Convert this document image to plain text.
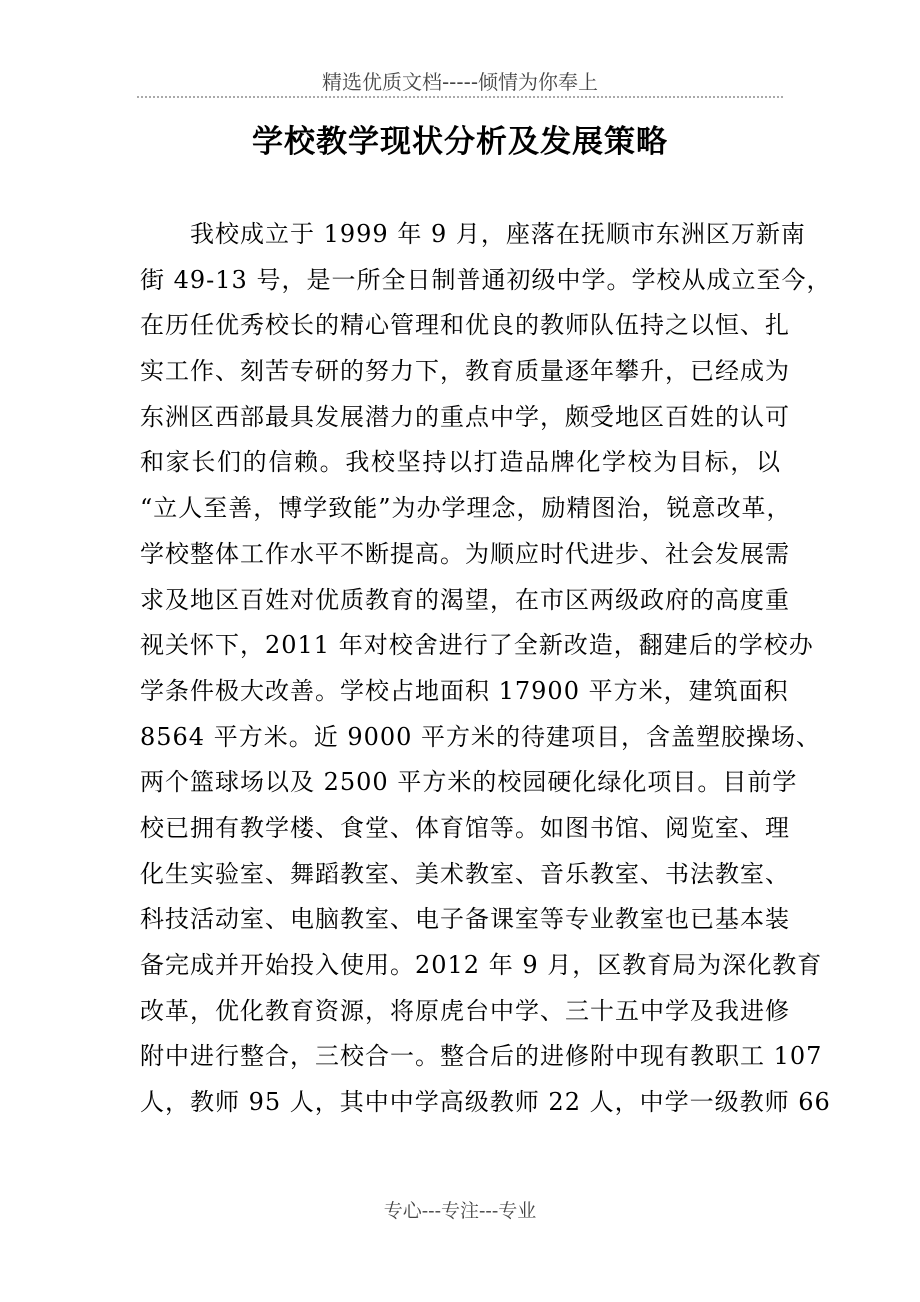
精选优质文档-----倾情为你奉上
学校教学现状分析及发展策略
我校成立于 1999 年 9 月，座落在抚顺市东洲区万新南
街 49-13 号，是一所全日制普通初级中学。学校从成立至今，
在历任优秀校长的精心管理和优良的教师队伍持之以恒、扎
实工作、刻苦专研的努力下，教育质量逐年攀升，已经成为
东洲区西部最具发展潜力的重点中学，颇受地区百姓的认可
和家长们的信赖。我校坚持以打造品牌化学校为目标，以
“立人至善，博学致能”为办学理念，励精图治，锐意改革，
学校整体工作水平不断提高。为顺应时代进步、社会发展需
求及地区百姓对优质教育的渴望，在市区两级政府的高度重
视关怀下，2011 年对校舍进行了全新改造，翻建后的学校办
学条件极大改善。学校占地面积 17900 平方米，建筑面积
8564 平方米。近 9000 平方米的待建项目，含盖塑胶操场、
两个篮球场以及 2500 平方米的校园硬化绿化项目。目前学
校已拥有教学楼、食堂、体育馆等。如图书馆、阅览室、理
化生实验室、舞蹈教室、美术教室、音乐教室、书法教室、
科技活动室、电脑教室、电子备课室等专业教室也已基本装
备完成并开始投入使用。2012 年 9 月，区教育局为深化教育
改革，优化教育资源，将原虎台中学、三十五中学及我进修
附中进行整合，三校合一。整合后的进修附中现有教职工 107
人，教师 95 人，其中中学高级教师 22 人，中学一级教师 66
专心---专注---专业
